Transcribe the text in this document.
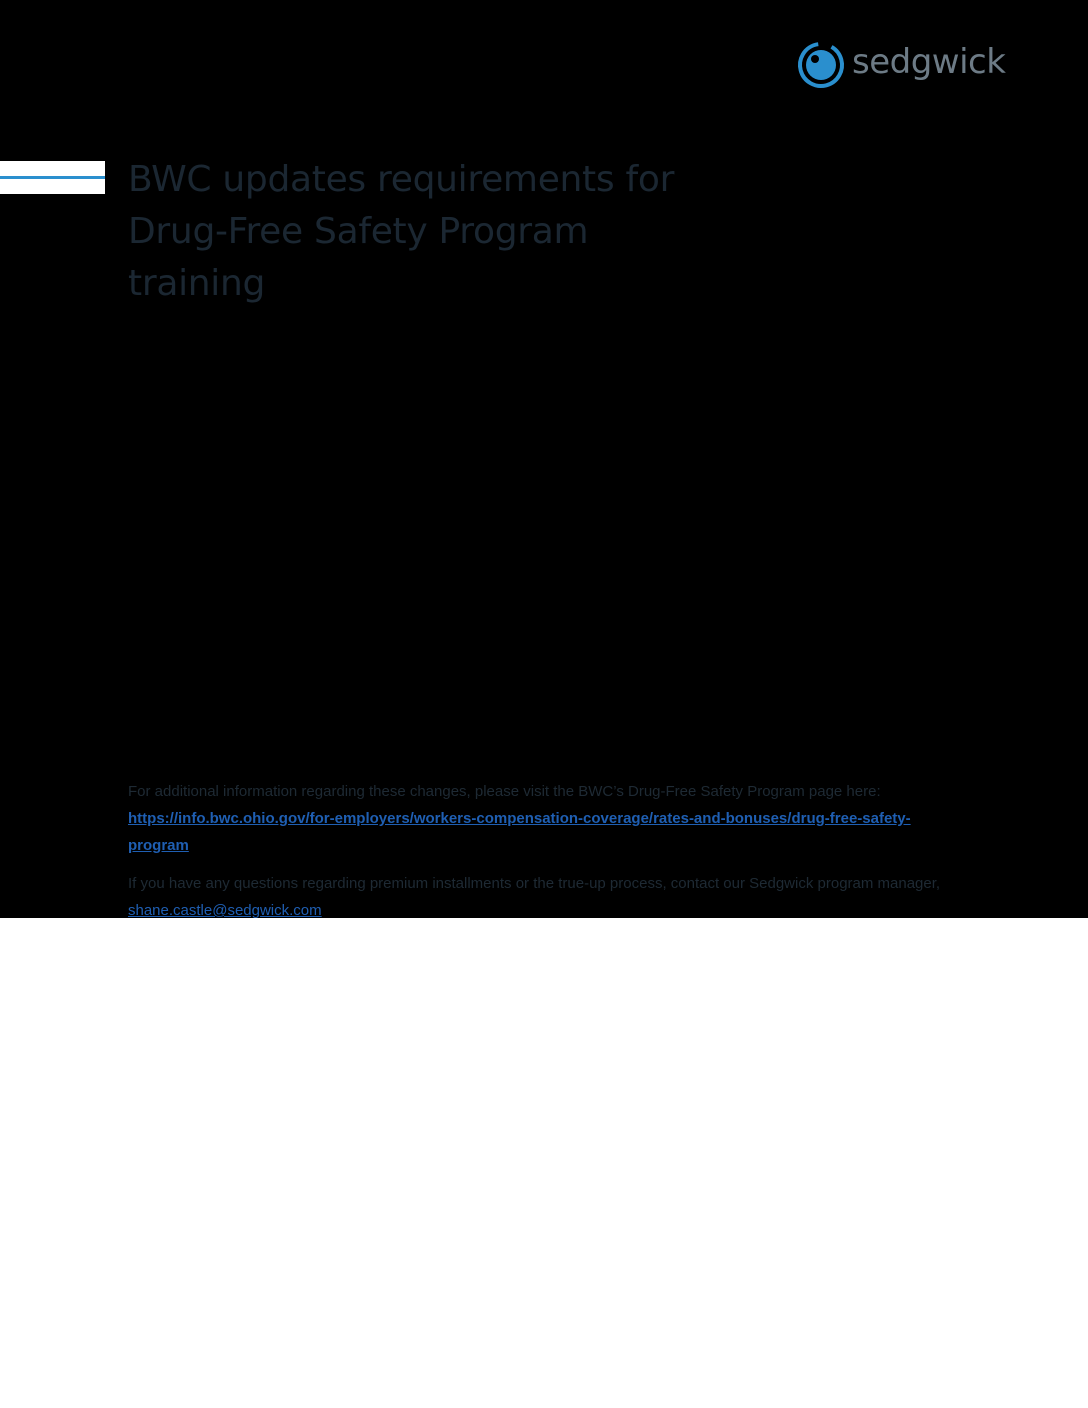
sedgwick
BWC updates requirements for
Drug-Free Safety Program
training

For additional information regarding these changes, please visit the BWC’s Drug-Free Safety Program page here: https://info.bwc.ohio.gov/for-employers/workers-compensation-coverage/rates-and-bonuses/drug-free-safety-program

If you have any questions regarding premium installments or the true-up process, contact our Sedgwick program manager, shane.castle@sedgwick.com
